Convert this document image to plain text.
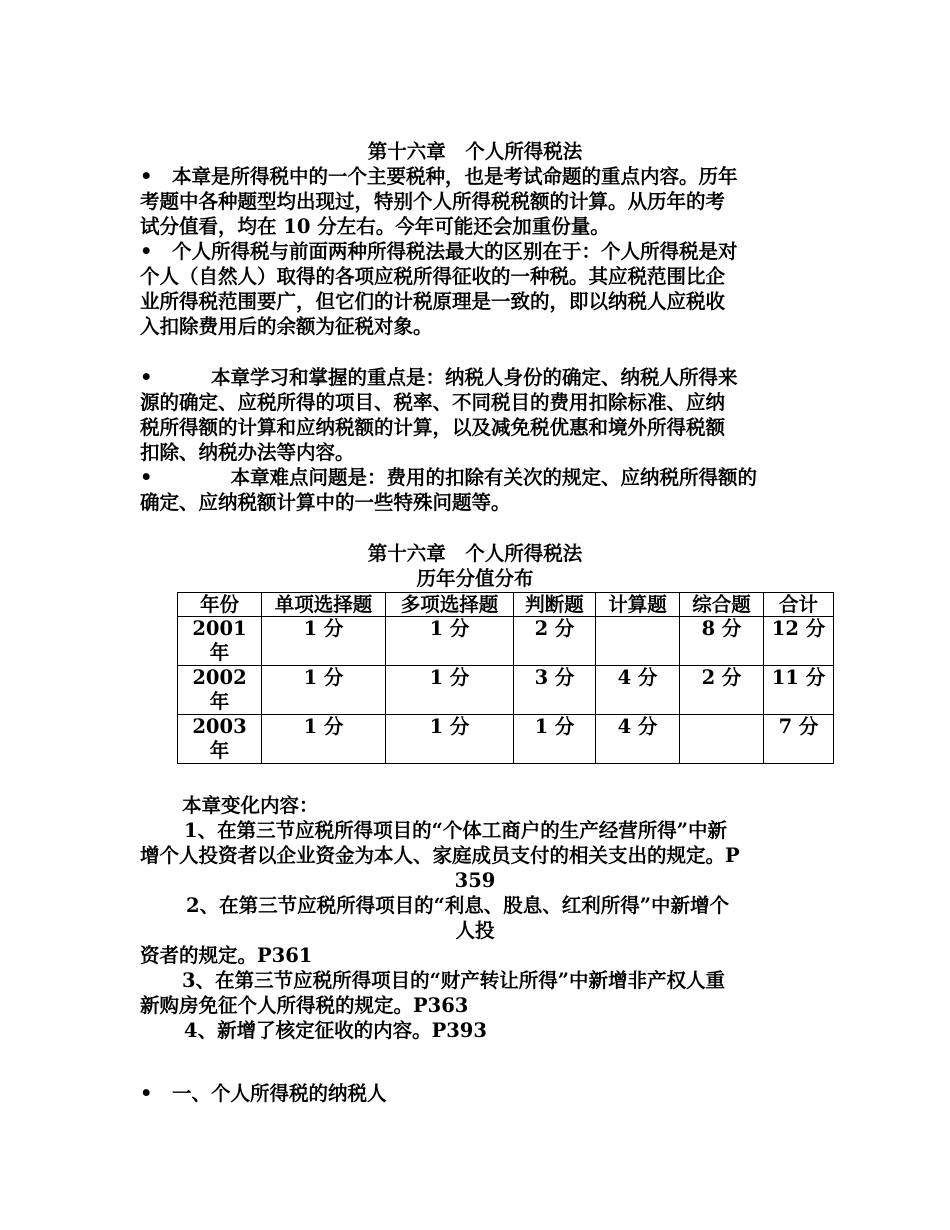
第十六章　个人所得税法
•　本章是所得税中的一个主要税种，也是考试命题的重点内容。历年
考题中各种题型均出现过，特别个人所得税税额的计算。从历年的考
试分值看，均在 10 分左右。今年可能还会加重份量。
•　个人所得税与前面两种所得税法最大的区别在于：个人所得税是对
个人（自然人）取得的各项应税所得征收的一种税。其应税范围比企
业所得税范围要广，但它们的计税原理是一致的，即以纳税人应税收
入扣除费用后的余额为征税对象。
•　　　本章学习和掌握的重点是：纳税人身份的确定、纳税人所得来
源的确定、应税所得的项目、税率、不同税目的费用扣除标准、应纳
税所得额的计算和应纳税额的计算，以及减免税优惠和境外所得税额
扣除、纳税办法等内容。
•　　　　本章难点问题是：费用的扣除有关次的规定、应纳税所得额的
确定、应纳税额计算中的一些特殊问题等。
第十六章　个人所得税法
历年分值分布
年份	单项选择题	多项选择题	判断题	计算题	综合题	合计
2001
年	1 分	1 分	2 分		8 分	12 分
2002
年	1 分	1 分	3 分	4 分	2 分	11 分
2003
年	1 分	1 分	1 分	4 分		7 分
本章变化内容：
1、在第三节应税所得项目的“个体工商户的生产经营所得”中新
增个人投资者以企业资金为本人、家庭成员支付的相关支出的规定。P
359
2、在第三节应税所得项目的“利息、股息、红利所得”中新增个
人投
资者的规定。P361
3、在第三节应税所得项目的“财产转让所得”中新增非产权人重
新购房免征个人所得税的规定。P363
4、新增了核定征收的内容。P393
•　一、个人所得税的纳税人
